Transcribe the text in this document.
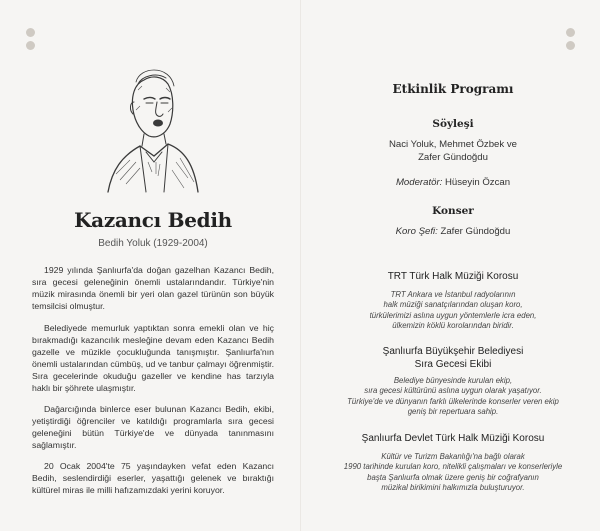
Kazancı Bedih
Bedih Yoluk (1929-2004)

1929 yılında Şanlıurfa'da doğan gazelhan Kazancı Bedih, sıra gecesi geleneğinin önemli ustalarındandır. Türkiye'nin müzik mirasında önemli bir yeri olan gazel türünün son büyük temsilcisi olmuştur.

Belediyede memurluk yaptıktan sonra emekli olan ve hiç bırakmadığı kazancılık mesleğine devam eden Kazancı Bedih gazelle ve müzikle çocukluğunda tanışmıştır. Şanlıurfa'nın önemli ustalarından cümbüş, ud ve tanbur çalmayı öğrenmiştir. Sıra gecelerinde okuduğu gazeller ve kendine has tarzıyla haklı bir şöhrete ulaşmıştır.

Dağarcığında binlerce eser bulunan Kazancı Bedih, ekibi, yetiştirdiği öğrenciler ve katıldığı programlarla sıra gecesi geleneğini bütün Türkiye'de ve dünyada tanınmasını sağlamıştır.

20 Ocak 2004'te 75 yaşındayken vefat eden Kazancı Bedih, seslendirdiği eserler, yaşattığı gelenek ve bıraktığı kültürel miras ile milli hafızamızdaki yerini koruyor.

Etkinlik Programı
Söyleşi
Naci Yoluk, Mehmet Özbek ve
Zafer Gündoğdu
Moderatör: Hüseyin Özcan
Konser
Koro Şefi: Zafer Gündoğdu
TRT Türk Halk Müziği Korosu
TRT Ankara ve İstanbul radyolarının
halk müziği sanatçılarından oluşan koro,
türkülerimizi aslına uygun yöntemlerle icra eden,
ülkemizin köklü korolarından biridir.
Şanlıurfa Büyükşehir Belediyesi
Sıra Gecesi Ekibi
Belediye bünyesinde kurulan ekip,
sıra gecesi kültürünü aslına uygun olarak yaşatıyor.
Türkiye'de ve dünyanın farklı ülkelerinde konserler veren ekip
geniş bir repertuara sahip.
Şanlıurfa Devlet Türk Halk Müziği Korosu
Kültür ve Turizm Bakanlığı'na bağlı olarak
1990 tarihinde kurulan koro, nitelikli çalışmaları ve konserleriyle
başta Şanlıurfa olmak üzere geniş bir coğrafyanın
müzikal birikimini halkımızla buluşturuyor.
